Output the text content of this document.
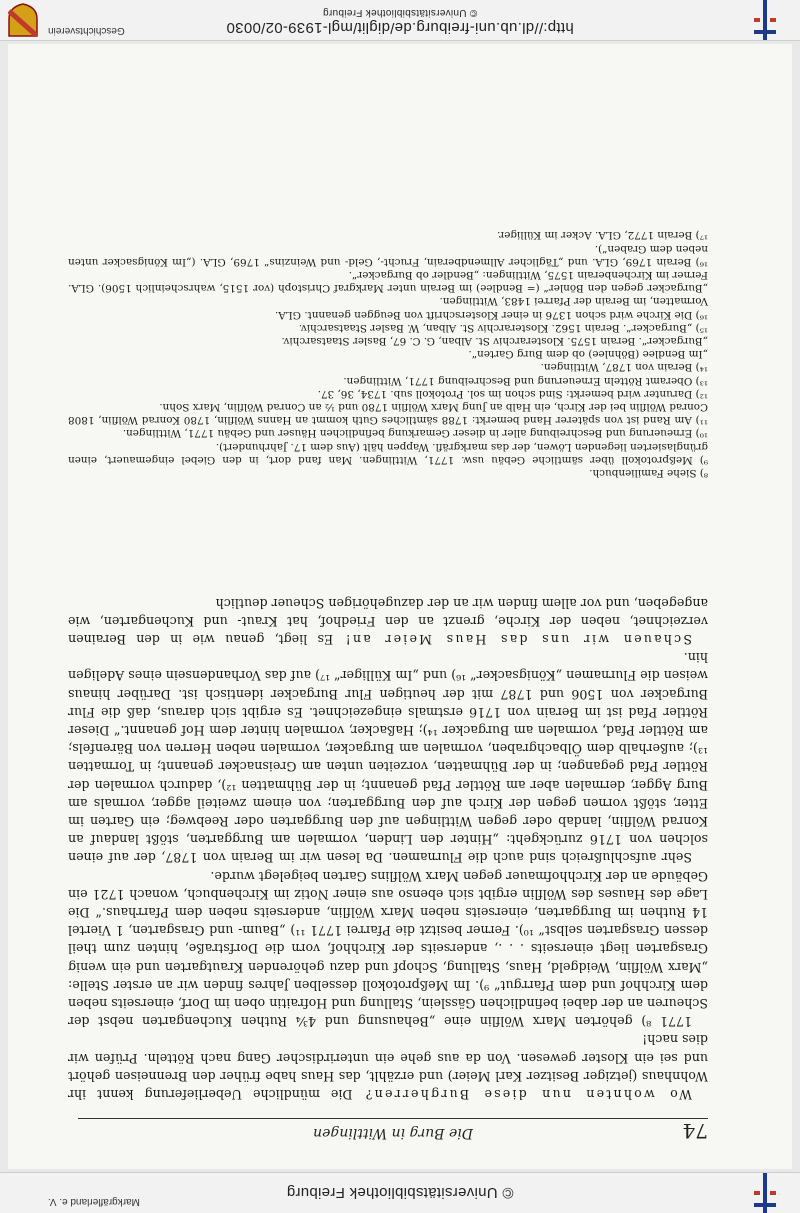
© Universitätsbibliothek Freiburg
Markgräflerland e. V.
74
Die Burg in Wittlingen

Wo wohnten nun diese Burgherren? Die mündliche Ueberlieferung kennt ihr Wohnhaus (jetziger Besitzer Karl Meier) und erzählt, das Haus habe früher den Brenneisen gehört und sei ein Kloster gewesen. Von da aus gehe ein unterirdischer Gang nach Rötteln. Prüfen wir dies nach!

1771 ⁸) gehörten Marx Wölflin eine „Behausung und 4¾ Ruthen Kuchengarten nebst der Scheuren an der dabei befindlichen Gässlein, Stallung und Hofraitin oben im Dorf, einerseits neben dem Kirchhof und dem Pfarrgut“ ⁹). Im Meßprotokoll desselben Jahres finden wir an erster Stelle: „Marx Wölflin, Weidgeld, Haus, Stallung, Schopf und dazu gehörenden Krautgarten und ein wenig Grasgarten liegt einerseits . . ., anderseits der Kirchhof, vorn die Dorfstraße, hinten zum theil dessen Grasgarten selbst“ ¹⁰). Ferner besitzt die Pfarrei 1771 ¹¹) „Baum- und Grasgarten, 1 Viertel 14 Ruthen im Burggarten, einerseits neben Marx Wölflin, anderseits neben dem Pfarrhaus.“ Die Lage des Hauses des Wölflin ergibt sich ebenso aus einer Notiz im Kirchenbuch, wonach 1721 ein Gebäude an der Kirchhofmauer gegen Marx Wölflins Garten beigelegt wurde.

Sehr aufschlußreich sind auch die Flurnamen. Da lesen wir im Berain von 1787, der auf einen solchen von 1716 zurückgeht: „Hinter den Linden, vormalen am Burggarten, stößt landauf an Konrad Wölflin, landab oder gegen Wittlingen auf den Burggarten oder Reebweg; ein Garten im Etter, stößt vornen gegen der Kirch auf den Burggarten; von einem zweiteil agger, vormals am Burg Agger, dermalen aber am Röttler Pfad genannt; in der Bühmatten ¹²), dadurch vormalen der Röttler Pfad gegangen; in der Bühmatten, vorzeiten unten am Greisnacker genannt; in Tormatten ¹³); außerhalb dem Ölbachgraben, vormalen am Burgacker, vormalen neben Herren von Bärenfels; am Röttler Pfad, vormalen am Burgacker ¹⁴); Haßacker, vormalen hinter dem Hof genannt.“ Dieser Röttler Pfad ist im Berain von 1716 erstmals eingezeichnet. Es ergibt sich daraus, daß die Flur Burgacker von 1506 und 1787 mit der heutigen Flur Burgacker identisch ist. Darüber hinaus weisen die Flurnamen „Königsacker“ ¹⁶) und „Im Külliger“ ¹⁷) auf das Vorhandensein eines Adeligen hin.

Schauen wir uns das Haus Meier an! Es liegt, genau wie in den Berainen verzeichnet, neben der Kirche, grenzt an den Friedhof, hat Kraut- und Kuchengarten, wie angegeben, und vor allem finden wir an der dazugehörigen Scheuer deutlich

⁸) Siehe Familienbuch.
⁹) Meßprotokoll über sämtliche Gebäu usw. 1771, Wittlingen. Man fand dort, in den Giebel eingemauert, einen grünglasierten liegenden Löwen, der das markgräfl. Wappen hält (Aus dem 17. Jahrhundert).
¹⁰) Erneuerung und Beschreibung aller in dieser Gemarkung befindlichen Häuser und Gebäu 1771, Wittlingen.
¹¹) Am Rand ist von späterer Hand bemerkt: 1788 sämtliches Guth kommt an Hanns Wölflin, 1780 Konrad Wölflin, 1808 Conrad Wölflin bei der Kirch, ein Halb an Jung Marx Wölflin 1780 und ½ an Conrad Wölflin, Marx Sohn.
¹²) Darunter wird bemerkt: Sind schon im sol. Protokoll sub. 1734, 36, 37.
¹³) Oberamt Rötteln Erneuerung und Beschreibung 1771, Wittlingen.
¹⁴) Berain von 1787, Wittlingen.
„Im Bendlee (Böhnlee) ob dem Burg Garten“.
„Burgacker“. Berain 1575. Klosterarchiv St. Alban, G. C. 67, Basler Staatsarchiv.
¹⁵) „Burgacker“. Berain 1562. Klosterarchiv St. Alban, W. Basler Staatsarchiv.
¹⁶) Die Kirche wird schon 1376 in einer Klosterschrift von Beuggen genannt. GLA.
Vormatten, im Berain der Pfarrei 1483, Wittlingen.
„Burgacker gegen den Bönler“ (= Bendlee) im Berain unter Markgraf Christoph (vor 1515, wahrscheinlich 1506). GLA. Ferner im Kirchenberain 1575, Wittlingen: „Bendler ob Burgacker“.
¹⁶) Berain 1769, GLA. und „Täglicher Allmendberain, Frucht-, Geld- und Weinzins“ 1769, GLA. („Im Königsacker unten neben dem Graben“).
¹⁷) Berain 1772, GLA. Acker im Külliger.
http://dl.ub.uni-freiburg.de/diglit/mgl-1939-02/0030
© Universitätsbibliothek Freiburg
Geschichtsverein
